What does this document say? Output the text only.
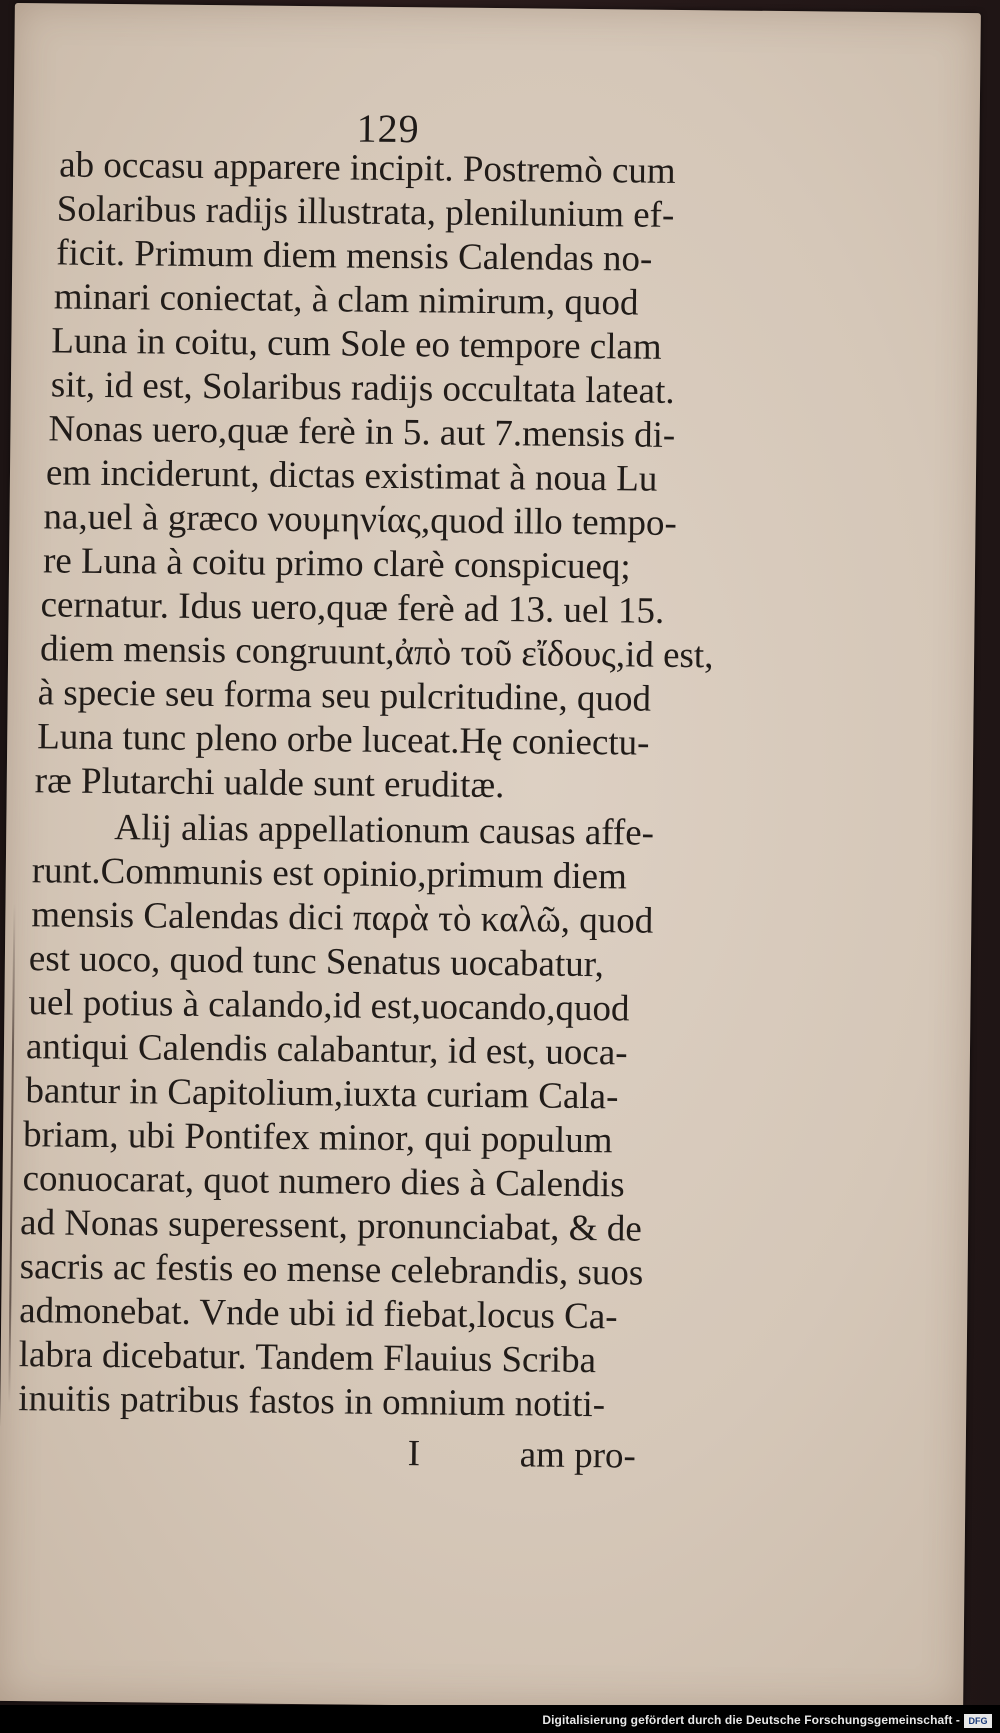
129
ab occasu apparere incipit. Postremò cum
Solaribus radijs illustrata, plenilunium ef-
ficit. Primum diem mensis Calendas no-
minari coniectat, à clam nimirum, quod
Luna in coitu, cum Sole eo tempore clam
sit, id est, Solaribus radijs occultata lateat.
Nonas uero,quæ ferè in 5. aut 7.mensis di-
em inciderunt, dictas existimat à noua Lu
na,uel à græco νουμηνίας,quod illo tempo-
re Luna à coitu primo clarè conspicueq;
cernatur. Idus uero,quæ ferè ad 13. uel 15.
diem mensis congruunt,ἀπὸ τοῦ εἴδους,id est,
à specie seu forma seu pulcritudine, quod
Luna tunc pleno orbe luceat.Hę coniectu-
ræ Plutarchi ualde sunt eruditæ.
Alij alias appellationum causas affe-
runt.Communis est opinio,primum diem
mensis Calendas dici παρὰ τὸ καλῶ, quod
est uoco, quod tunc Senatus uocabatur,
uel potius à calando,id est,uocando,quod
antiqui Calendis calabantur, id est, uoca-
bantur in Capitolium,iuxta curiam Cala-
briam, ubi Pontifex minor, qui populum
conuocarat, quot numero dies à Calendis
ad Nonas superessent, pronunciabat, & de
sacris ac festis eo mense celebrandis, suos
admonebat. Vnde ubi id fiebat,locus Ca-
labra dicebatur. Tandem Flauius Scriba
inuitis patribus fastos in omnium notiti-
I	am pro-
Digitalisierung gefördert durch die Deutsche Forschungsgemeinschaft - DFG
